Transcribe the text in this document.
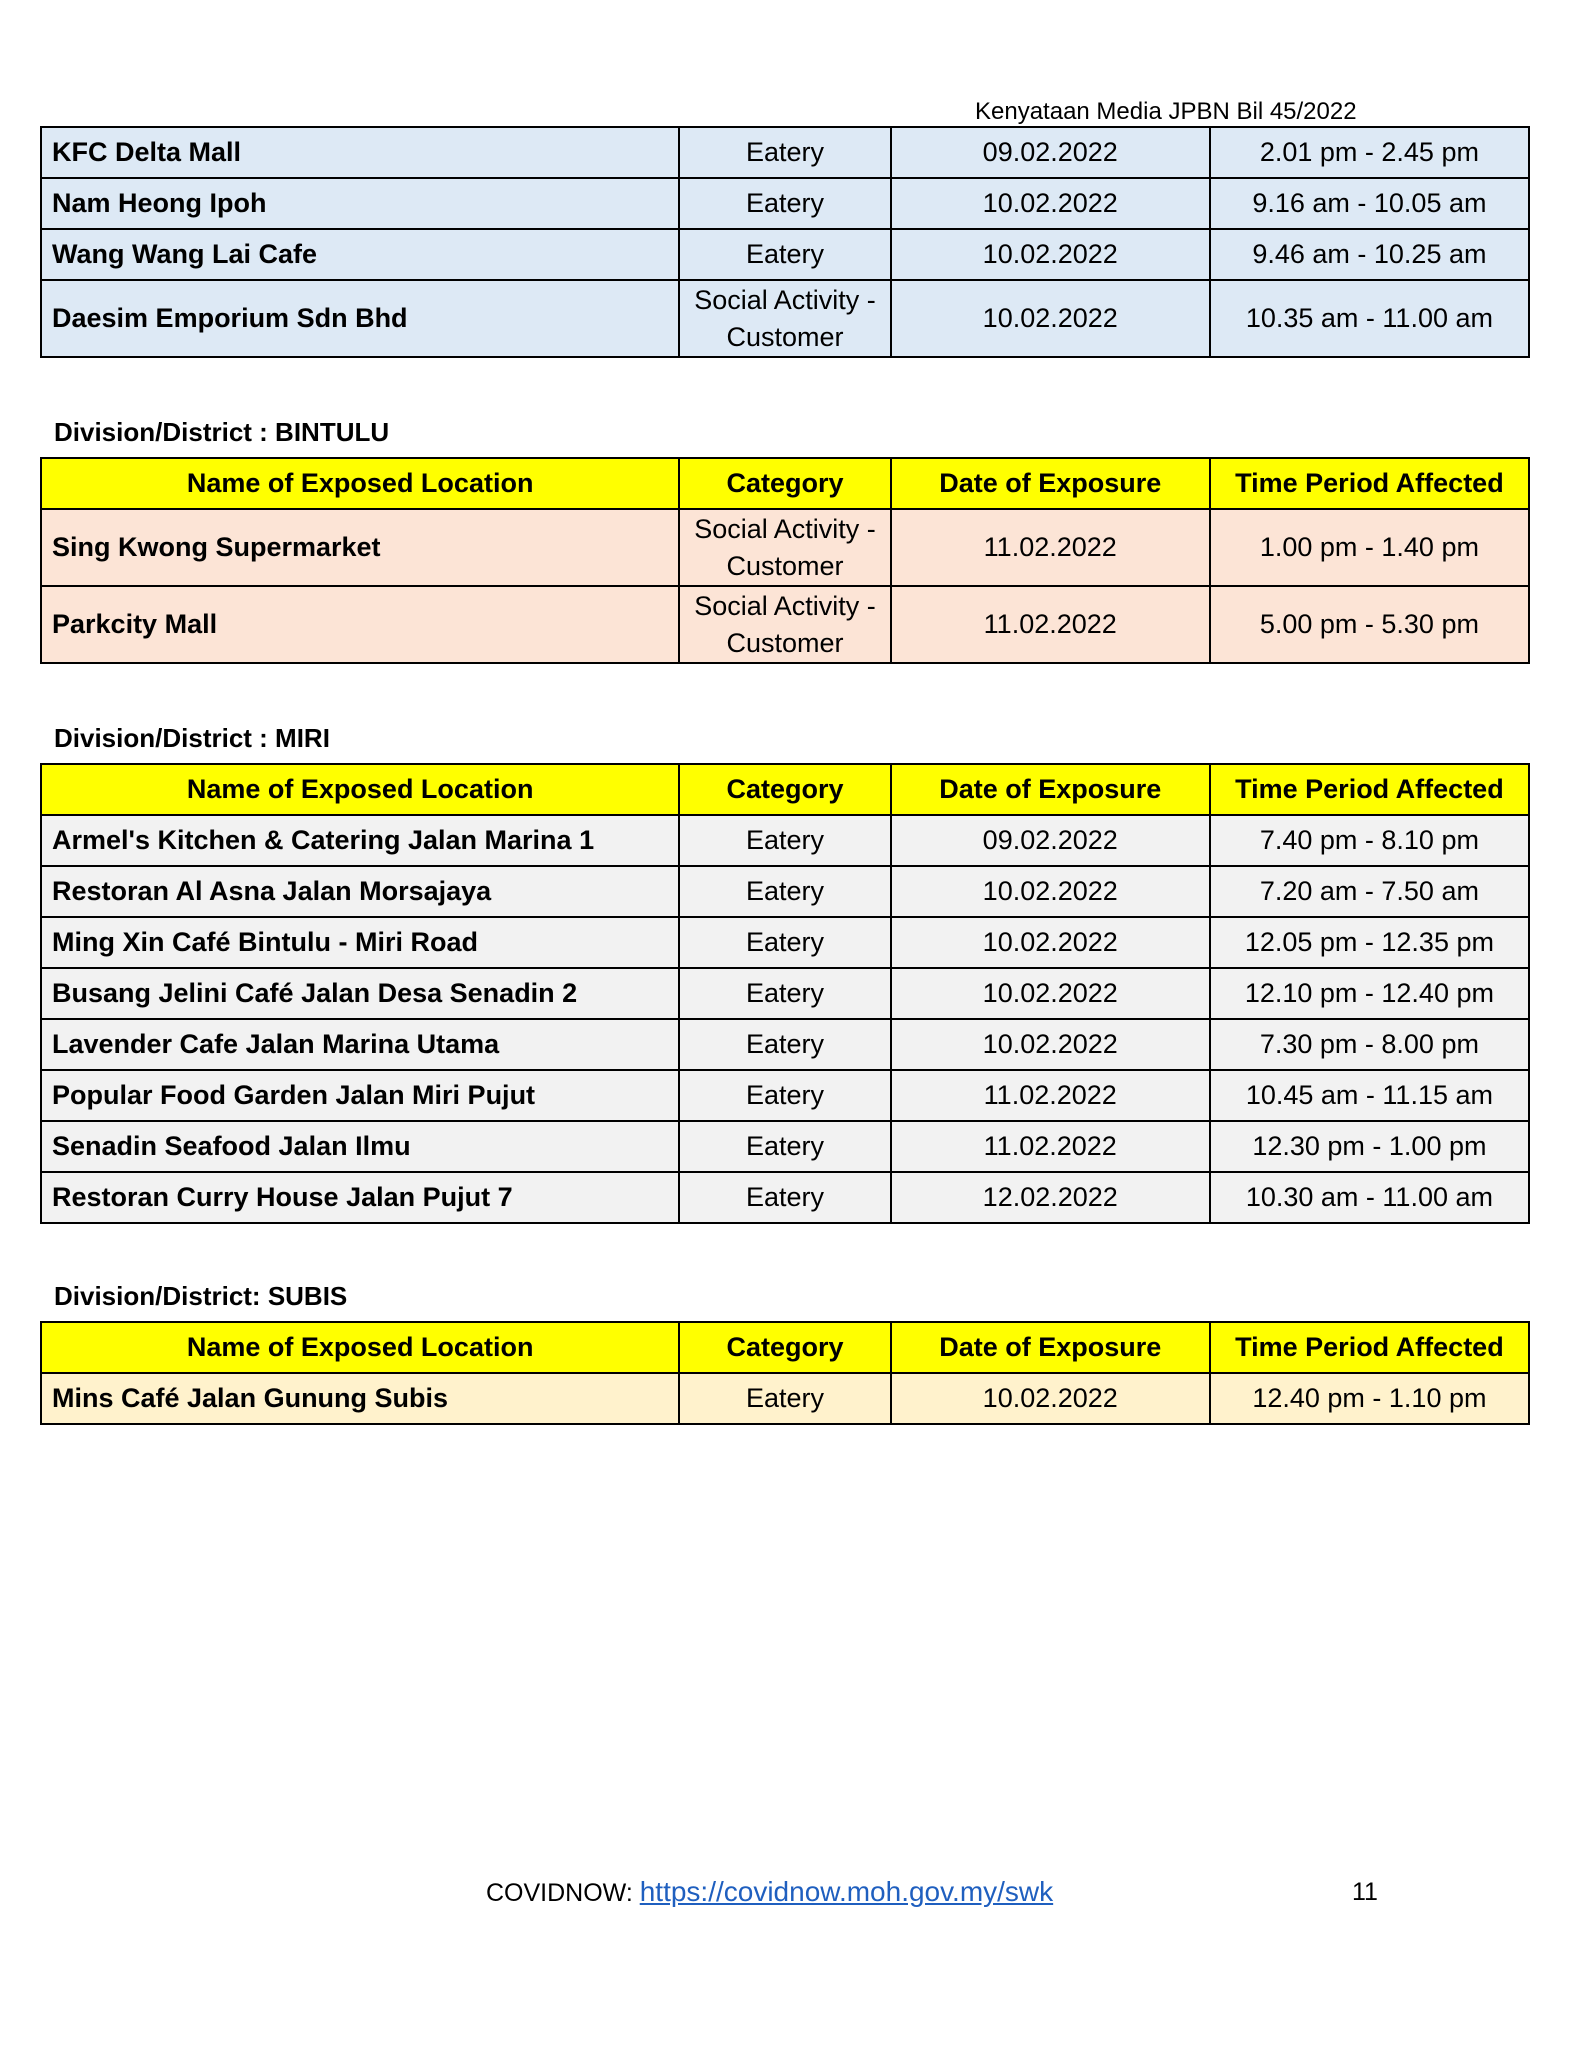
Kenyataan Media JPBN Bil 45/2022
KFC Delta Mall	Eatery	09.02.2022	2.01 pm - 2.45 pm
Nam Heong Ipoh	Eatery	10.02.2022	9.16 am - 10.05 am
Wang Wang Lai Cafe	Eatery	10.02.2022	9.46 am - 10.25 am
Daesim Emporium Sdn Bhd	Social Activity - Customer	10.02.2022	10.35 am - 11.00 am
Division/District : BINTULU
Name of Exposed Location	Category	Date of Exposure	Time Period Affected
Sing Kwong Supermarket	Social Activity - Customer	11.02.2022	1.00 pm - 1.40 pm
Parkcity Mall	Social Activity - Customer	11.02.2022	5.00 pm - 5.30 pm
Division/District : MIRI
Name of Exposed Location	Category	Date of Exposure	Time Period Affected
Armel's Kitchen & Catering Jalan Marina 1	Eatery	09.02.2022	7.40 pm - 8.10 pm
Restoran Al Asna Jalan Morsajaya	Eatery	10.02.2022	7.20 am - 7.50 am
Ming Xin Café Bintulu - Miri Road	Eatery	10.02.2022	12.05 pm - 12.35 pm
Busang Jelini Café Jalan Desa Senadin 2	Eatery	10.02.2022	12.10 pm - 12.40 pm
Lavender Cafe Jalan Marina Utama	Eatery	10.02.2022	7.30 pm - 8.00 pm
Popular Food Garden Jalan Miri Pujut	Eatery	11.02.2022	10.45 am - 11.15 am
Senadin Seafood Jalan Ilmu	Eatery	11.02.2022	12.30 pm - 1.00 pm
Restoran Curry House Jalan Pujut 7	Eatery	12.02.2022	10.30 am - 11.00 am
Division/District: SUBIS
Name of Exposed Location	Category	Date of Exposure	Time Period Affected
Mins Café Jalan Gunung Subis	Eatery	10.02.2022	12.40 pm - 1.10 pm
COVIDNOW: https://covidnow.moh.gov.my/swk	11
